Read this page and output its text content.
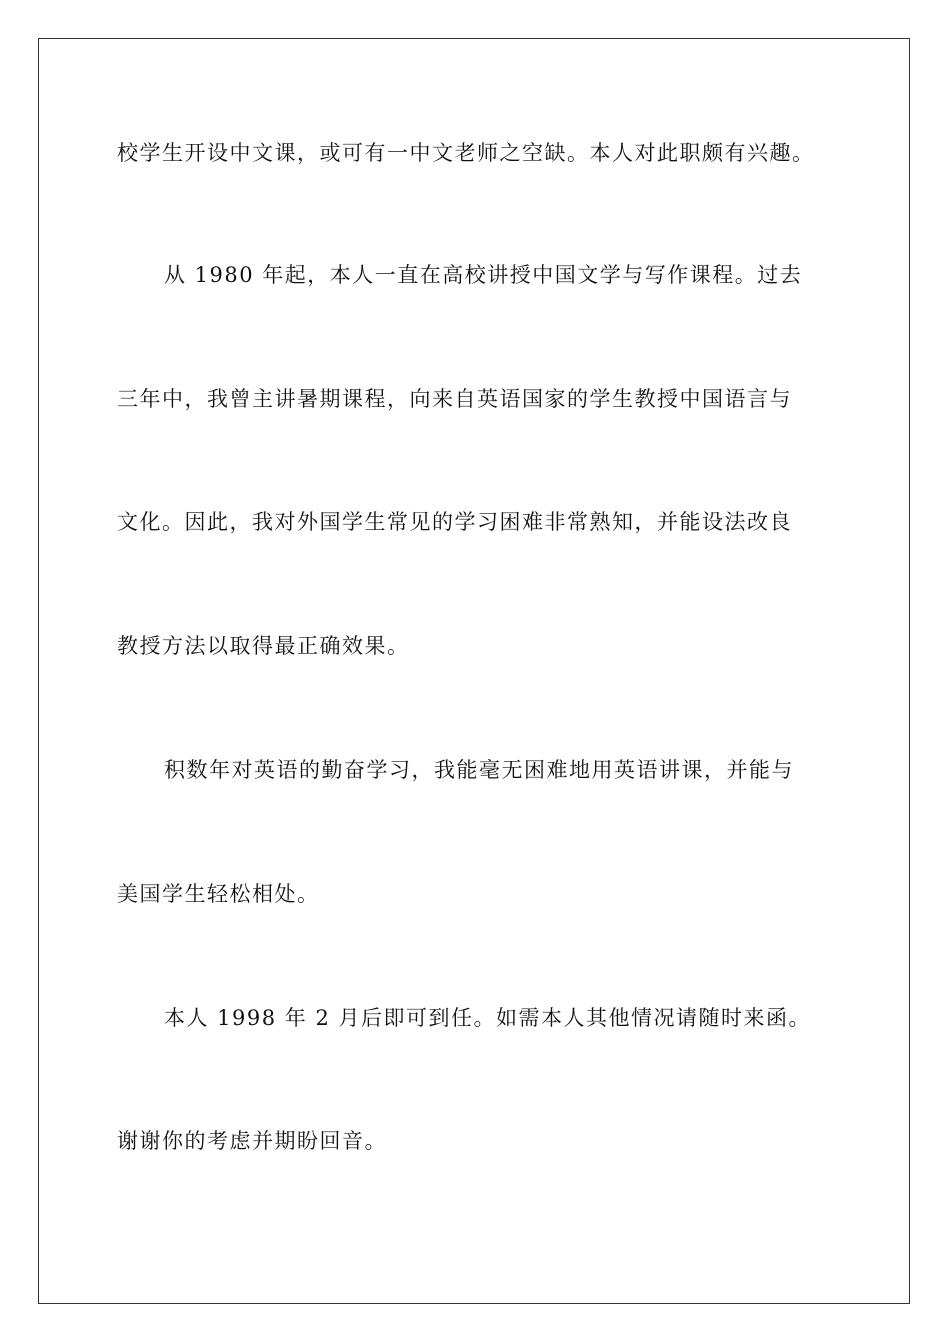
校学生开设中文课，或可有一中文老师之空缺。本人对此职颇有兴趣。
从 1980 年起，本人一直在高校讲授中国文学与写作课程。过去
三年中，我曾主讲暑期课程，向来自英语国家的学生教授中国语言与
文化。因此，我对外国学生常见的学习困难非常熟知，并能设法改良
教授方法以取得最正确效果。
积数年对英语的勤奋学习，我能毫无困难地用英语讲课，并能与
美国学生轻松相处。
本人 1998 年 2 月后即可到任。如需本人其他情况请随时来函。
谢谢你的考虑并期盼回音。
